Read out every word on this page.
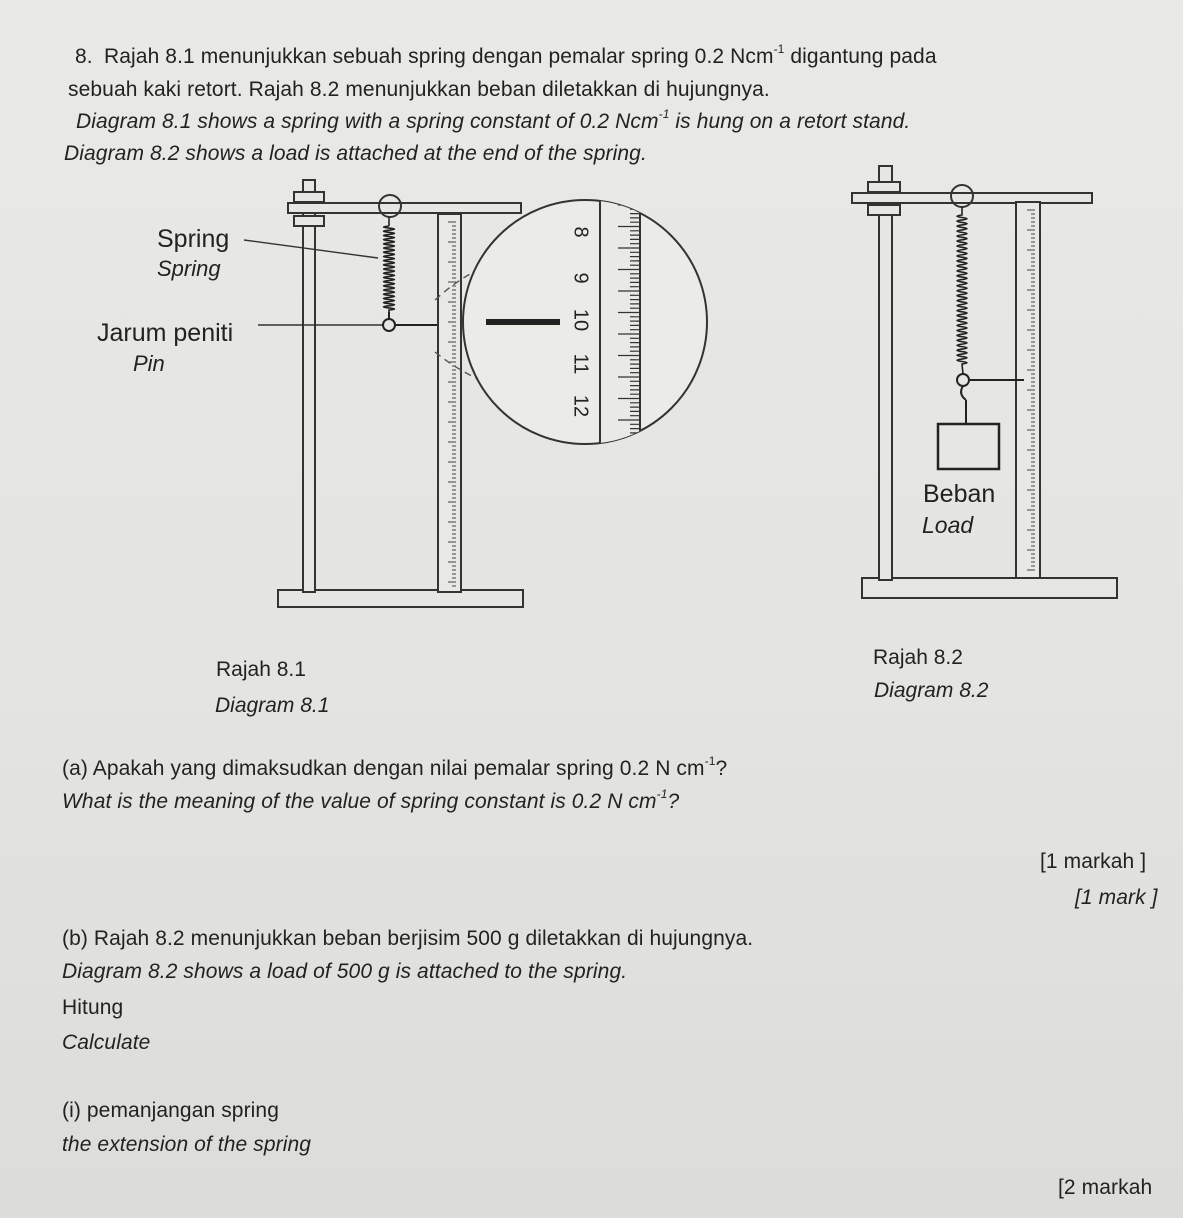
8. Rajah 8.1 menunjukkan sebuah spring dengan pemalar spring 0.2 Ncm$^{-1}$ digantung pada
sebuah kaki retort. Rajah 8.2 menunjukkan beban diletakkan di hujungnya.
Diagram 8.1 shows a spring with a spring constant of 0.2 Ncm$^{-1}$ is hung on a retort stand.
Diagram 8.2 shows a load is attached at the end of the spring.
8
9
10
11
12
Spring
Spring
Jarum peniti
Pin
Beban
Load
Rajah 8.1
Diagram 8.1
Rajah 8.2
Diagram 8.2
(a) Apakah yang dimaksudkan dengan nilai pemalar spring 0.2 N $cm^{-1}$?
What is the meaning of the value of spring constant is 0.2 N $cm^{-1}$?
[1 markah ]
[1 mark ]
(b) Rajah 8.2 menunjukkan beban berjisim 500 g diletakkan di hujungnya.
Diagram 8.2 shows a load of 500 g is attached to the spring.
Hitung
Calculate
(i) pemanjangan spring
the extension of the spring
[2 markah
